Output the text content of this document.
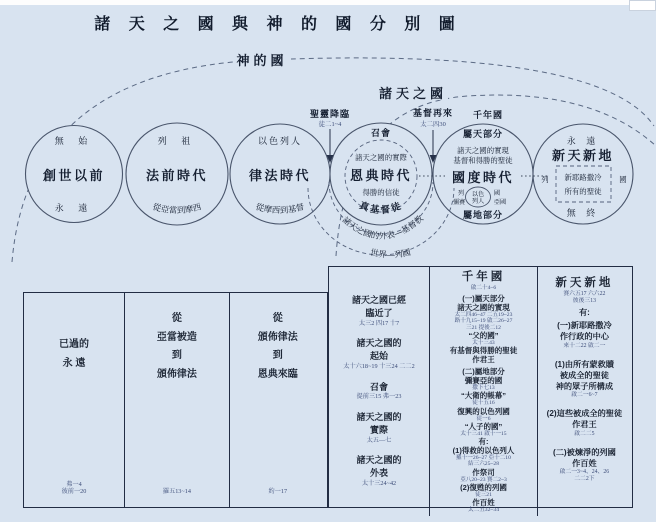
諸 天 之 國 與 神 的 國 分 別 圖
神的國
諸天之國
聖靈降臨
徒二1~4
基督再來
太二四30
千年國
無 始
創世以前
永 遠
列 祖
法前時代
從亞當到摩西
以色列人
律法時代
從摩西到基督
召會
諸天之國的實際
恩典時代
得勝的信徒
真基督徒
諸天之國的外表—基督教
世界—列國
屬天部分
諸天之國的實現
基督和得勝的聖徒
國度時代
以色
列人
列	國
彌賽	亞國
屬地部分
永 遠
新天新地
新耶路撒冷
所有的聖徒
列	國
無 終
已過的
永 遠
弗一4
彼前一20
從
亞當被造
到
頒佈律法
羅五13~14
從
頒佈律法
到
恩典來臨
約一17
諸天之國已經
臨近了
太三2 四17 十7
諸天之國的
起始
太十六18~19 十三24 二二2
召會
提前三15 弗一23
諸天之國的
實際
太五—七
諸天之國的
外表
太十三24~42
千年國
啟二十4~6
(一)屬天部分
諸天之國的實現
太二四46~47 二五19~23
路十九15~19 啟二26~27
三21 提後二12
“父的國”
太十三43
有基督與得勝的聖徒
作君王
(二)屬地部分
彌賽亞的國
撒下七13
“大衛的帳幕”
徒十五16
復興的以色列國
徒一6
“人子的國”
太十三41 啟十一15
有:
(1)得救的以色列人
羅十一26~27 亞十二10
結三六25~28
作祭司
亞八20~23 賽二2~3
(2)復甦的列國
徒三21
作百姓
太二五32~34
新天新地
賽六五17 六六22
彼後三13
有:
(一)新耶路撒冷
作行政的中心
來十二22 啟二一
(1)由所有蒙救贖
被成全的聖徒
神的眾子所構成
啟二一6~7
(2)這些被成全的聖徒
作君王
啟二二5
(二)被煉淨的列國
作百姓
啟二一3~4、24、26
二二2下
